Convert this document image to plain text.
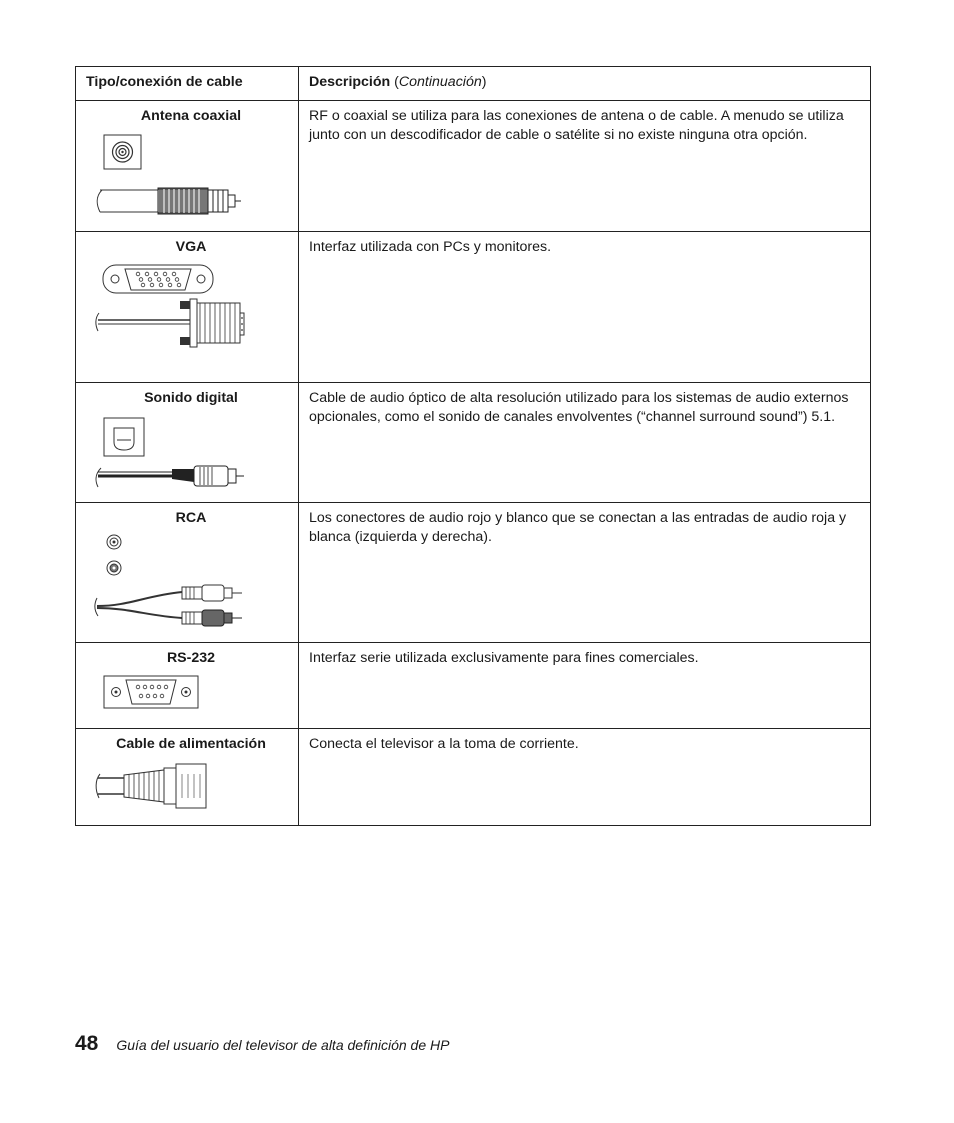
Tipo/conexión de cable	Descripción (Continuación)

Antena coaxial	RF o coaxial se utiliza para las conexiones de antena o de cable. A menudo se utiliza junto con un descodificador de cable o satélite si no existe ninguna otra opción.

VGA	Interfaz utilizada con PCs y monitores.

Sonido digital	Cable de audio óptico de alta resolución utilizado para los sistemas de audio externos opcionales, como el sonido de canales envolventes (“channel surround sound”) 5.1.

RCA	Los conectores de audio rojo y blanco que se conectan a las entradas de audio roja y blanca (izquierda y derecha).

RS-232	Interfaz serie utilizada exclusivamente para fines comerciales.

Cable de alimentación	Conecta el televisor a la toma de corriente.
48 Guía del usuario del televisor de alta definición de HP
